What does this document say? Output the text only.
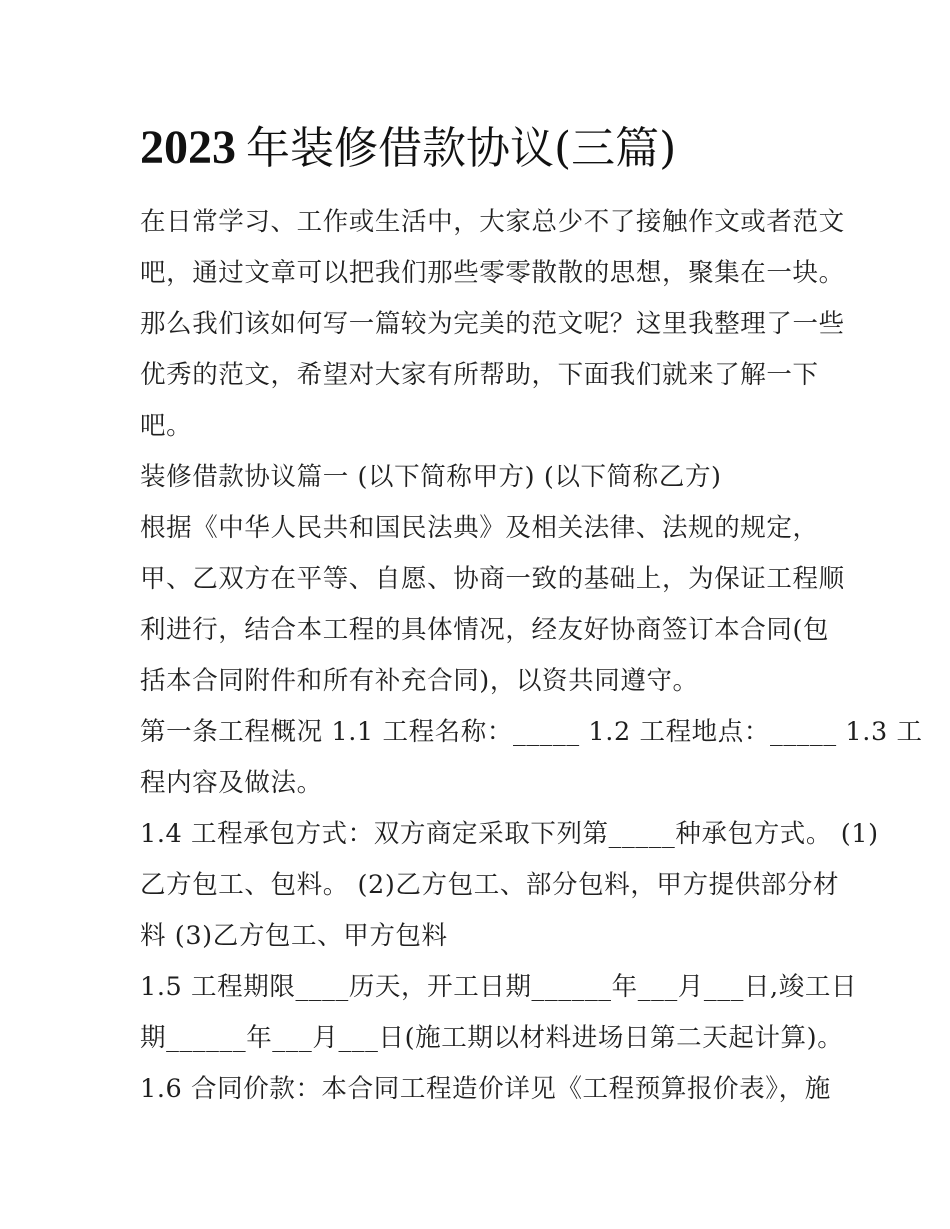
2023 年装修借款协议(三篇)
在日常学习、工作或生活中，大家总少不了接触作文或者范文
吧，通过文章可以把我们那些零零散散的思想，聚集在一块。
那么我们该如何写一篇较为完美的范文呢？这里我整理了一些
优秀的范文，希望对大家有所帮助，下面我们就来了解一下
吧。
装修借款协议篇一 (以下简称甲方) (以下简称乙方)
根据《中华人民共和国民法典》及相关法律、法规的规定，
甲、乙双方在平等、自愿、协商一致的基础上，为保证工程顺
利进行，结合本工程的具体情况，经友好协商签订本合同(包
括本合同附件和所有补充合同)，以资共同遵守。
第一条工程概况 1.1 工程名称：_____ 1.2 工程地点：_____ 1.3 工
程内容及做法。
1.4 工程承包方式：双方商定采取下列第_____种承包方式。 (1)
乙方包工、包料。 (2)乙方包工、部分包料，甲方提供部分材
料 (3)乙方包工、甲方包料
1.5 工程期限____历天，开工日期______年___月___日,竣工日
期______年___月___日(施工期以材料进场日第二天起计算)。
1.6 合同价款：本合同工程造价详见《工程预算报价表》，施
